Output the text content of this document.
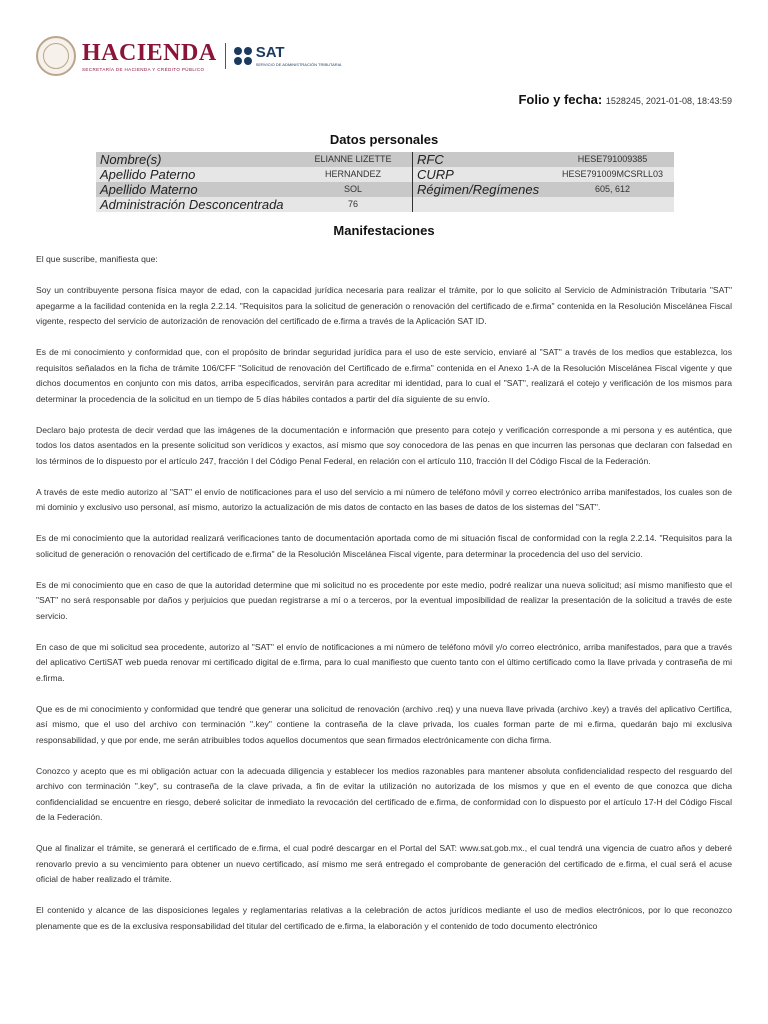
HACIENDA
SECRETARÍA DE HACIENDA Y CRÉDITO PÚBLICO
SAT
SERVICIO DE ADMINISTRACIÓN TRIBUTARIA
Folio y fecha: 1528245, 2021-01-08, 18:43:59
Datos personales
Nombre(s)	ELIANNE LIZETTE	RFC	HESE791009385
Apellido Paterno	HERNANDEZ	CURP	HESE791009MCSRLL03
Apellido Materno	SOL	Régimen/Regímenes	605, 612
Administración Desconcentrada	76		
Manifestaciones

El que suscribe, manifiesta que:

Soy un contribuyente persona física mayor de edad, con la capacidad jurídica necesaria para realizar el trámite, por lo que solicito al Servicio de Administración Tributaria "SAT" apegarme a la facilidad contenida en la regla 2.2.14. "Requisitos para la solicitud de generación o renovación del certificado de e.firma" contenida en la Resolución Miscelánea Fiscal vigente, respecto del servicio de autorización de renovación del certificado de e.firma a través de la Aplicación SAT ID.

Es de mi conocimiento y conformidad que, con el propósito de brindar seguridad jurídica para el uso de este servicio, enviaré al "SAT" a través de los medios que establezca, los requisitos señalados en la ficha de trámite 106/CFF "Solicitud de renovación del Certificado de e.firma" contenida en el Anexo 1-A de la Resolución Miscelánea Fiscal vigente y que dichos documentos en conjunto con mis datos, arriba especificados, servirán para acreditar mi identidad, para lo cual el "SAT", realizará el cotejo y verificación de los mismos para determinar la procedencia de la solicitud en un tiempo de 5 días hábiles contados a partir del día siguiente de su envío.

Declaro bajo protesta de decir verdad que las imágenes de la documentación e información que presento para cotejo y verificación corresponde a mi persona y es auténtica, que todos los datos asentados en la presente solicitud son verídicos y exactos, así mismo que soy conocedora de las penas en que incurren las personas que declaran con falsedad en los términos de lo dispuesto por el artículo 247, fracción I del Código Penal Federal, en relación con el artículo 110, fracción II del Código Fiscal de la Federación.

A través de este medio autorizo al "SAT" el envío de notificaciones para el uso del servicio a mi número de teléfono móvil y correo electrónico arriba manifestados, los cuales son de mi dominio y exclusivo uso personal, así mismo, autorizo la actualización de mis datos de contacto en las bases de datos de los sistemas del "SAT".

Es de mi conocimiento que la autoridad realizará verificaciones tanto de documentación aportada como de mi situación fiscal de conformidad con la regla 2.2.14. "Requisitos para la solicitud de generación o renovación del certificado de e.firma" de la Resolución Miscelánea Fiscal vigente, para determinar la procedencia del uso del servicio.

Es de mi conocimiento que en caso de que la autoridad determine que mi solicitud no es procedente por este medio, podré realizar una nueva solicitud; así mismo manifiesto que el "SAT" no será responsable por daños y perjuicios que puedan registrarse a mí o a terceros, por la eventual imposibilidad de realizar la presentación de la solicitud a través de este servicio.

En caso de que mi solicitud sea procedente, autorizo al "SAT" el envío de notificaciones a mi número de teléfono móvil y/o correo electrónico, arriba manifestados, para que a través del aplicativo CertiSAT web pueda renovar mi certificado digital de e.firma, para lo cual manifiesto que cuento tanto con el último certificado como la llave privada y contraseña de mi e.firma.

Que es de mi conocimiento y conformidad que tendré que generar una solicitud de renovación (archivo .req) y una nueva llave privada (archivo .key) a través del aplicativo Certifica, así mismo, que el uso del archivo con terminación ".key" contiene la contraseña de la clave privada, los cuales forman parte de mi e.firma, quedarán bajo mi exclusiva responsabilidad, y que por ende, me serán atribuibles todos aquellos documentos que sean firmados electrónicamente con dicha firma.

Conozco y acepto que es mi obligación actuar con la adecuada diligencia y establecer los medios razonables para mantener absoluta confidencialidad respecto del resguardo del archivo con terminación ".key", su contraseña de la clave privada, a fin de evitar la utilización no autorizada de los mismos y que en el evento de que conozca que dicha confidencialidad se encuentre en riesgo, deberé solicitar de inmediato la revocación del certificado de e.firma, de conformidad con lo dispuesto por el artículo 17-H del Código Fiscal de la Federación.

Que al finalizar el trámite, se generará el certificado de e.firma, el cual podré descargar en el Portal del SAT: www.sat.gob.mx., el cual tendrá una vigencia de cuatro años y deberé renovarlo previo a su vencimiento para obtener un nuevo certificado, así mismo me será entregado el comprobante de generación del certificado de e.firma, el cual será el acuse oficial de haber realizado el trámite.

El contenido y alcance de las disposiciones legales y reglamentarias relativas a la celebración de actos jurídicos mediante el uso de medios electrónicos, por lo que reconozco plenamente que es de la exclusiva responsabilidad del titular del certificado de e.firma, la elaboración y el contenido de todo documento electrónico
